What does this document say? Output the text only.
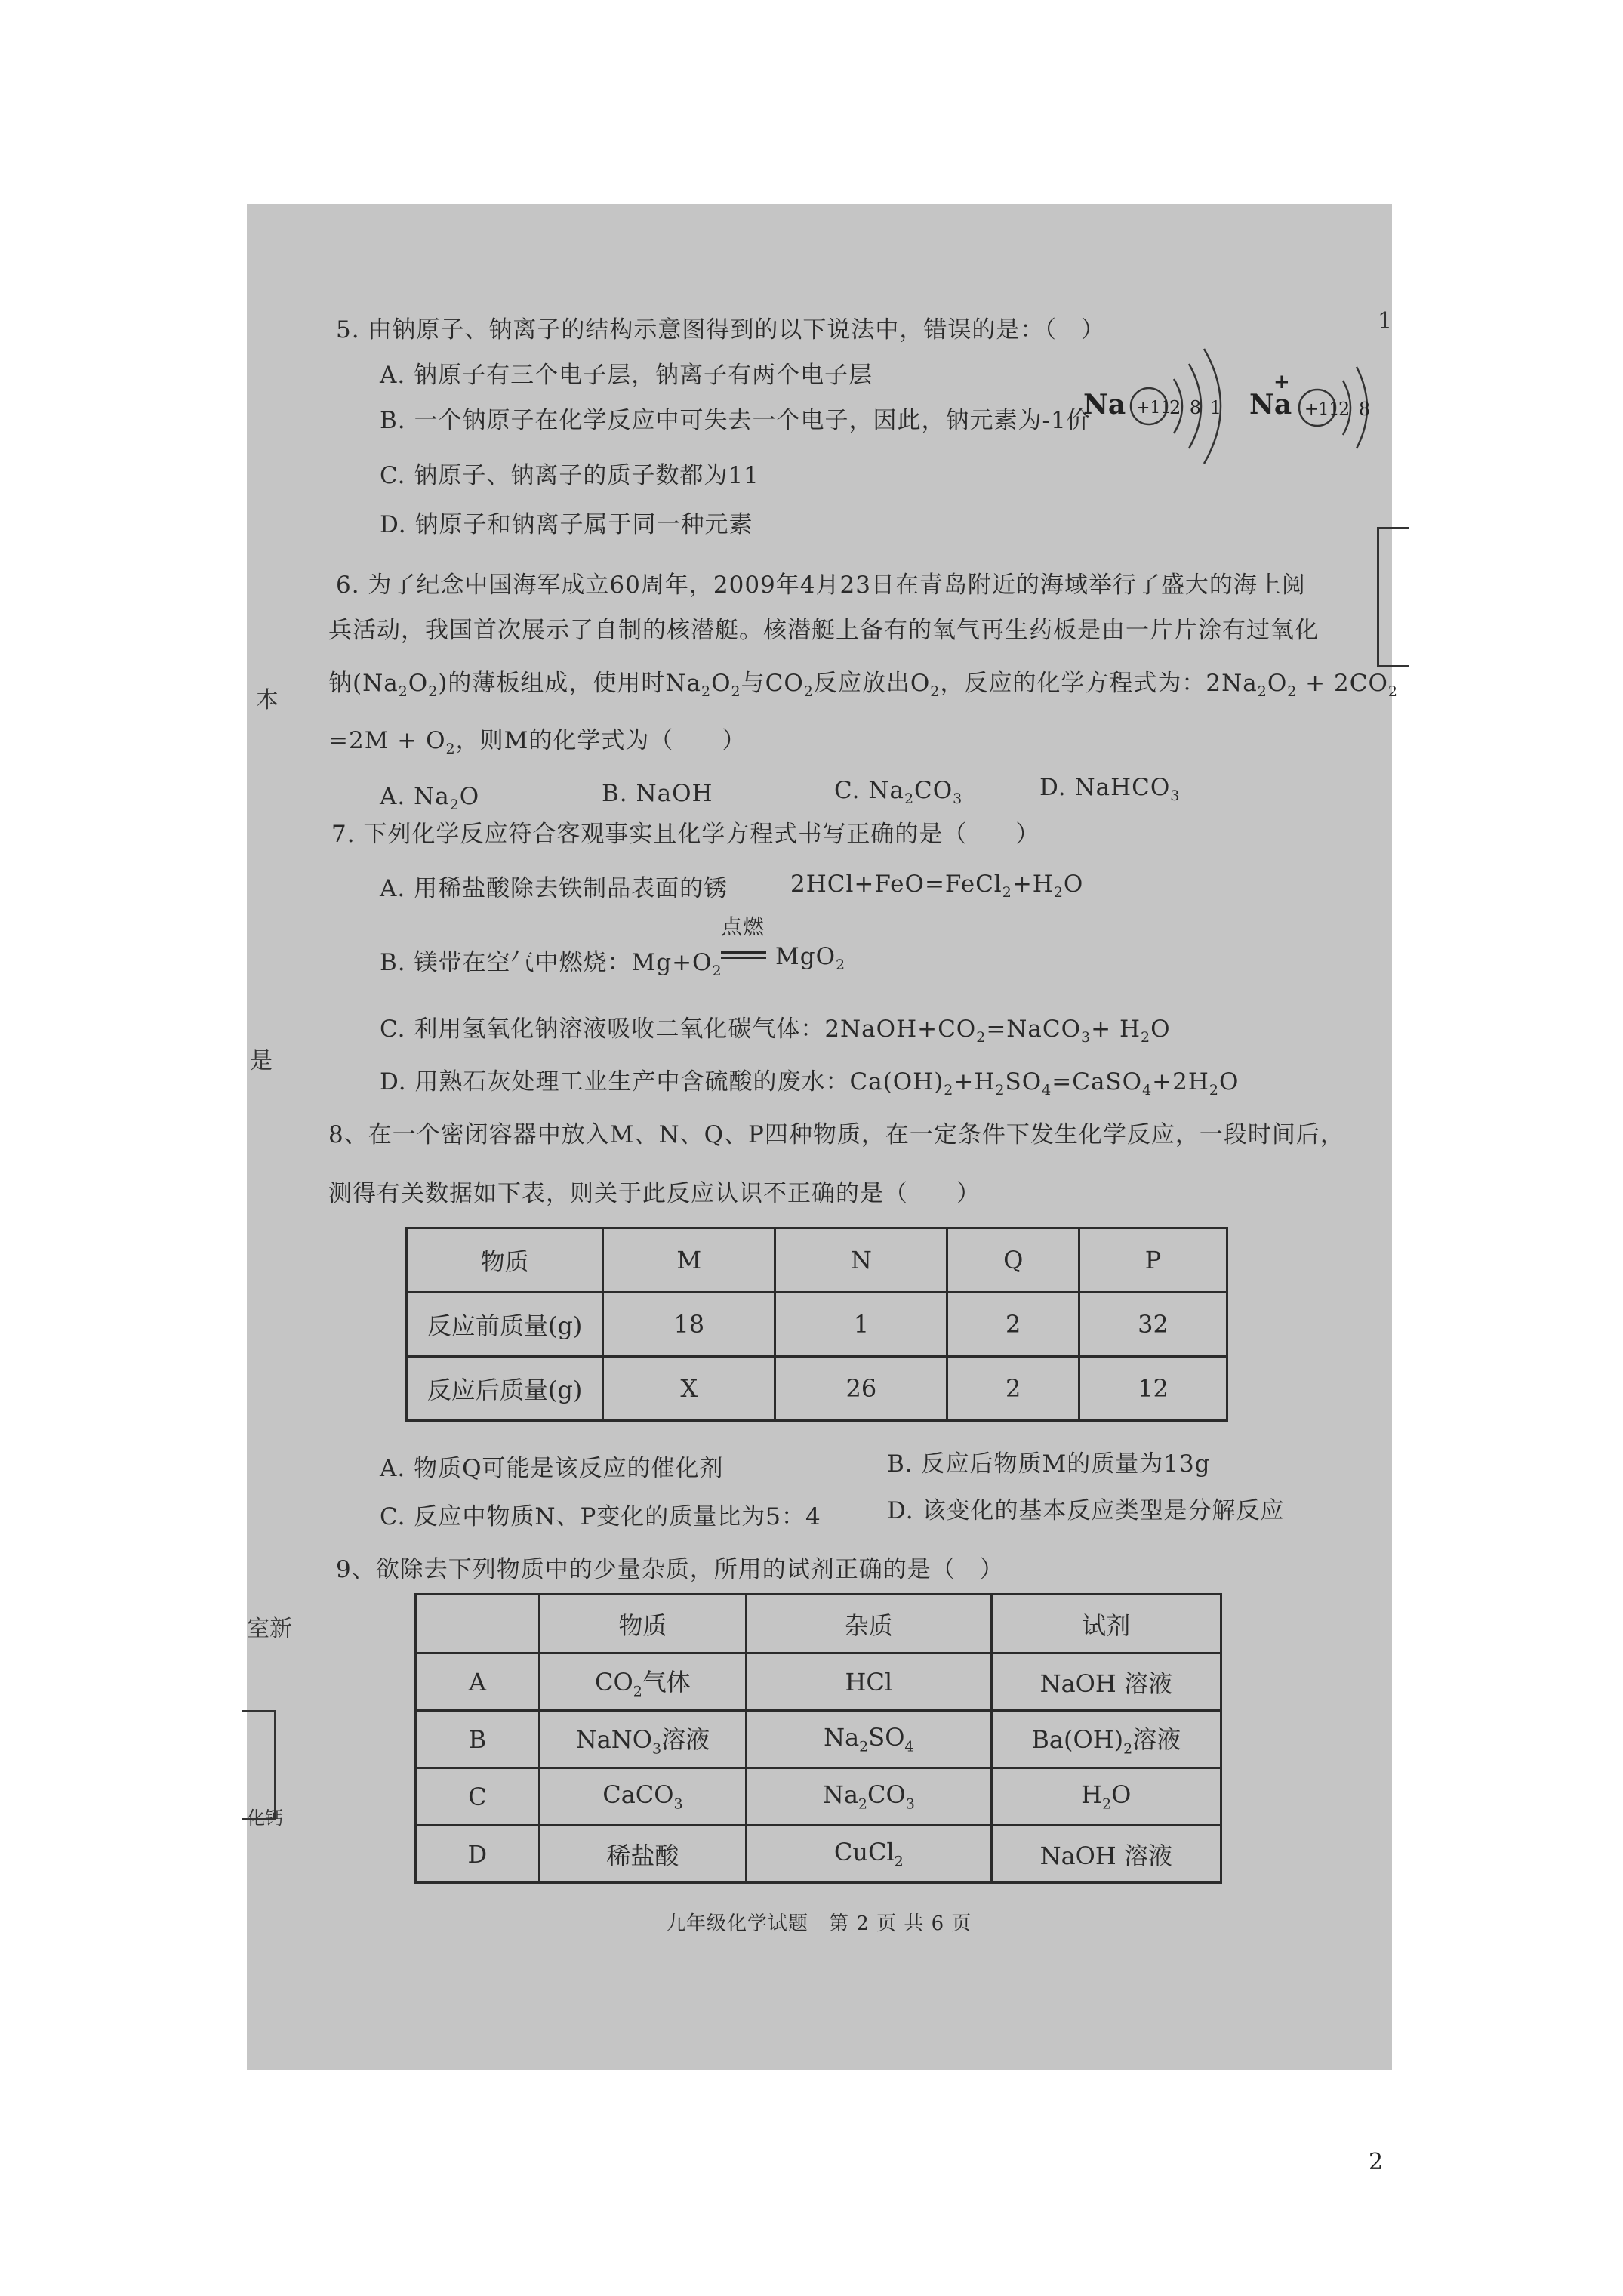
本
是
室新
化钙
1
5. 由钠原子、钠离子的结构示意图得到的以下说法中，错误的是：（　）
A. 钠原子有三个电子层，钠离子有两个电子层
B. 一个钠原子在化学反应中可失去一个电子，因此，钠元素为-1价
C. 钠原子、钠离子的质子数都为11
D. 钠原子和钠离子属于同一种元素
Na +11
2 8 1 Na
+
+11
2 8
6. 为了纪念中国海军成立60周年，2009年4月23日在青岛附近的海域举行了盛大的海上阅
兵活动，我国首次展示了自制的核潜艇。核潜艇上备有的氧气再生药板是由一片片涂有过氧化
钠$(Na_2O_2)$的薄板组成，使用时$Na_2O_2$与$CO_2$反应放出$O_2$，反应的化学方程式为：$2Na_2O_2 + 2CO_2$
$=2M + O_2$，则M的化学式为（　　）
A. $Na_2O$	B. NaOH	C. $Na_2CO_3$	D. NaHCO$_3$
7. 下列化学反应符合客观事实且化学方程式书写正确的是（　　）
A. 用稀盐酸除去铁制品表面的锈	$2HCl+FeO=FeCl_2+H_2O$
B. 镁带在空气中燃烧：$Mg+O_2$
点燃
MgO$_2$
C. 利用氢氧化钠溶液吸收二氧化碳气体：$2NaOH+CO_2=NaCO_3+ H_2O$
D. 用熟石灰处理工业生产中含硫酸的废水：$Ca(OH)_2+H_2SO_4=CaSO_4+2H_2O$
8、在一个密闭容器中放入M、N、Q、P四种物质，在一定条件下发生化学反应，一段时间后，
测得有关数据如下表，则关于此反应认识不正确的是（　　）
物质	M	N	Q	P
反应前质量(g)	18	1	2	32
反应后质量(g)	X	26	2	12
A. 物质Q可能是该反应的催化剂	B. 反应后物质M的质量为13g
C. 反应中物质N、P变化的质量比为5：4	D. 该变化的基本反应类型是分解反应
9、欲除去下列物质中的少量杂质，所用的试剂正确的是（　）
	物质	杂质	试剂
A	$CO_2$气体	HCl	NaOH 溶液
B	NaNO$_3$溶液	$Na_2SO_4$	$Ba(OH)_2$溶液
C	CaCO$_3$	$Na_2CO_3$	$H_2O$
D	稀盐酸	CuCl$_2$	NaOH 溶液
九年级化学试题　第 2 页 共 6 页
2
